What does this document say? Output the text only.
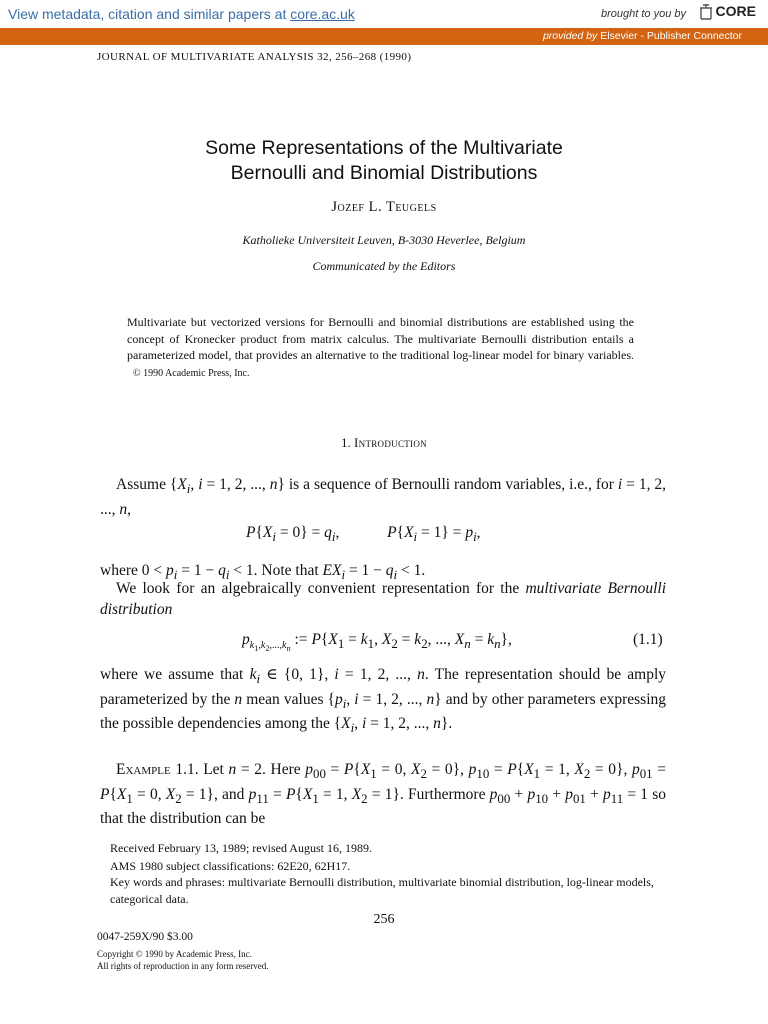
View metadata, citation and similar papers at core.ac.uk	brought to you by CORE
provided by Elsevier - Publisher Connector
JOURNAL OF MULTIVARIATE ANALYSIS 32, 256–268 (1990)
Some Representations of the Multivariate
Bernoulli and Binomial Distributions
Jozef L. Teugels
Katholieke Universiteit Leuven, B-3030 Heverlee, Belgium
Communicated by the Editors
Multivariate but vectorized versions for Bernoulli and binomial distributions are established using the concept of Kronecker product from matrix calculus. The multivariate Bernoulli distribution entails a parameterized model, that provides an alternative to the traditional log-linear model for binary variables.   © 1990 Academic Press, Inc.
1. Introduction
Assume {$X_i$, i = 1, 2, ..., n} is a sequence of Bernoulli random variables, i.e., for i = 1, 2, ..., n,
$P\{X_i = 0\} = q_i$,	$P\{X_i = 1\} = p_i$,
where $0 < p_i = 1 - q_i < 1$. Note that $EX_i = 1 - q_i < 1$.
We look for an algebraically convenient representation for the multivariate Bernoulli distribution
$p_{k_1,k_2,...,k_n}$ := $P\{X_1 = k_1$, $X_2 = k_2$, ..., $X_n = k_n$},	(1.1)
where we assume that $k_i$ ∈ {0, 1}, i = 1, 2, ..., n. The representation should be amply parameterized by the n mean values {$p_i$, i = 1, 2, ..., n} and by other parameters expressing the possible dependencies among the {$X_i$, i = 1, 2, ..., n}.
Example 1.1. Let n = 2. Here $p_{00} = P\{X_1 = 0$, $X_2 = 0$}, $p_{10} = P\{X_1 = 1$, $X_2 = 0$}, $p_{01} = P\{X_1 = 0$, $X_2 = 1$}, and $p_{11} = P\{X_1 = 1$, $X_2 = 1$}. Furthermore $p_{00} + p_{10} + p_{01} + p_{11} = 1$ so that the distribution can be
Received February 13, 1989; revised August 16, 1989.
AMS 1980 subject classifications: 62E20, 62H17.
Key words and phrases: multivariate Bernoulli distribution, multivariate binomial distribution, log-linear models, categorical data.
256
0047-259X/90 $3.00
Copyright © 1990 by Academic Press, Inc.
All rights of reproduction in any form reserved.
